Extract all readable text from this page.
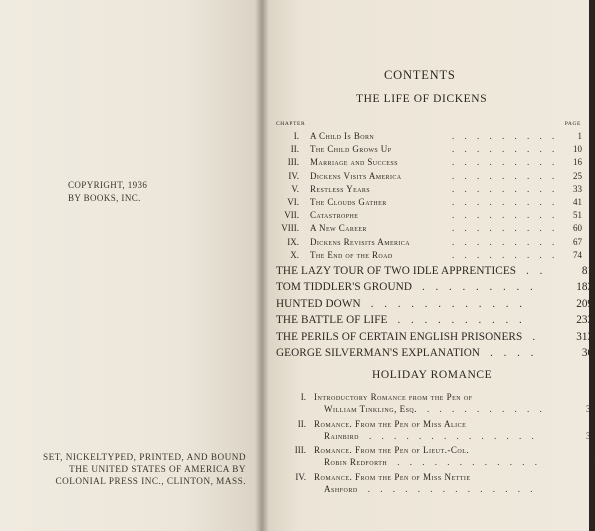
COPYRIGHT, 1936
BY BOOKS, INC.
SET, NICKELTYPED, PRINTED, AND BOUND
THE UNITED STATES OF AMERICA BY
COLONIAL PRESS INC., CLINTON, MASS.
CONTENTS
THE LIFE OF DICKENS
CHAPTER	PAGE
I. A Child Is Born	. . . . . . . . . 1
II. The Child Grows Up	. . . . . . . . . 10
III. Marriage and Success	. . . . . . . . . 16
IV. Dickens Visits America	. . . . . . . . . 25
V. Restless Years	. . . . . . . . . 33
VI. The Clouds Gather	. . . . . . . . . 41
VII. Catastrophe	. . . . . . . . . 51
VIII. A New Career	. . . . . . . . . 60
IX. Dickens Revisits America	. . . . . . . . . 67
X. The End of the Road	. . . . . . . . . 74
THE LAZY TOUR OF TWO IDLE APPRENTICES . .	81
TOM TIDDLER'S GROUND . . . . . . . . .	183
HUNTED DOWN . . . . . . . . . . . .	209
THE BATTLE OF LIFE . . . . . . . . . .	233
THE PERILS OF CERTAIN ENGLISH PRISONERS .	313
GEORGE SILVERMAN'S EXPLANATION . . . .	36
HOLIDAY ROMANCE
I. Introductory Romance from the Pen of
William Tinkling, Esq. . . . . . . . . . .	39
II. Romance. From the Pen of Miss Alice
Rainbird . . . . . . . . . . . . . .	39
III. Romance. From the Pen of Lieut.-Col.
Robin Redforth . . . . . . . . . . . .	4
IV. Romance. From the Pen of Miss Nettie
Ashford . . . . . . . . . . . . . .	4
